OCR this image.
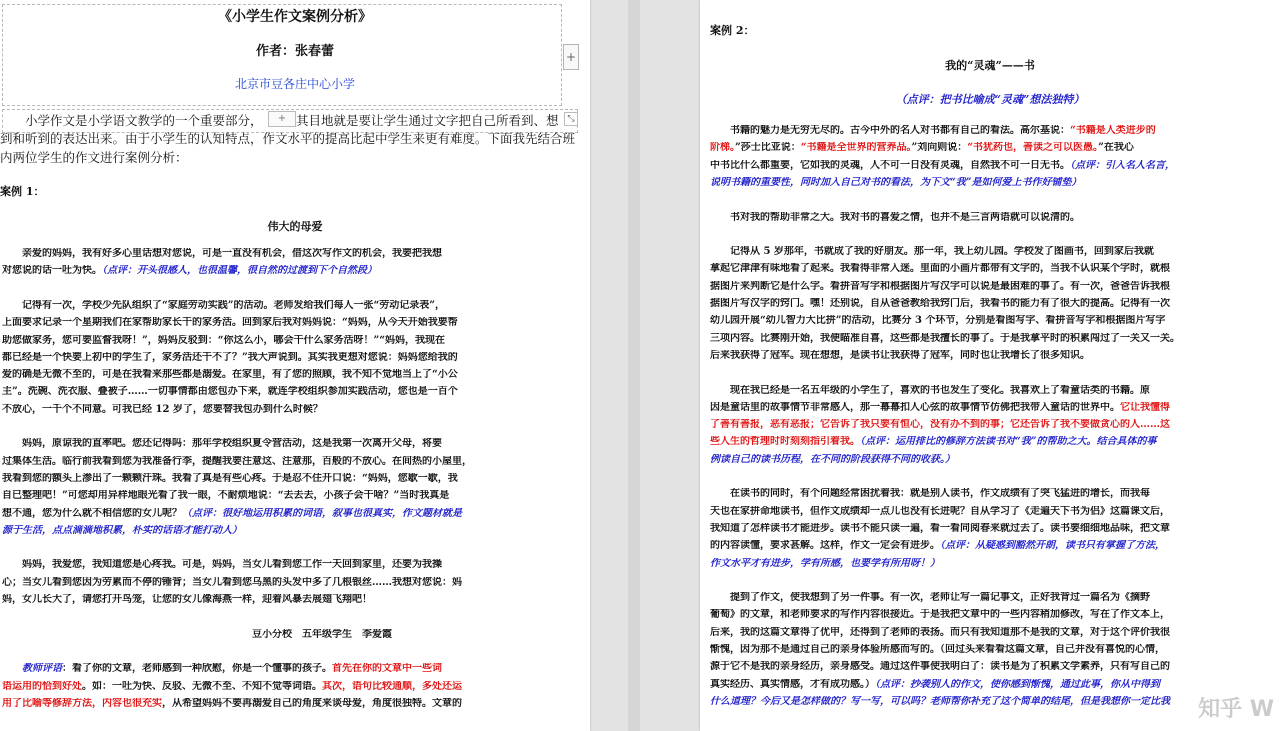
《小学生作文案例分析》
作者：张春蕾
北京市豆各庄中心小学
+	⤡
　　小学作文是小学语文教学的一个重要部分，	其目地就是要让学生通过文字把自己所看到、想
到和听到的表达出来。由于小学生的认知特点，作文水平的提高比起中学生来更有难度。下面我先结合班
内两位学生的作文进行案例分析：
案例 1：
伟大的母爱
　　亲爱的妈妈，我有好多心里话想对您说，可是一直没有机会，借这次写作文的机会，我要把我想
对您说的话一吐为快。（点评：开头很感人，也很温馨，很自然的过渡到下个自然段）
　　记得有一次，学校少先队组织了“家庭劳动实践”的活动。老师发给我们每人一张“劳动记录表”，
上面要求记录一个星期我们在家帮助家长干的家务活。回到家后我对妈妈说：“妈妈，从今天开始我要帮
助您做家务，您可要监督我呀！”，妈妈反驳到：“你这么小，哪会干什么家务活呀！”“妈妈，我现在
都已经是一个快要上初中的学生了，家务活还干不了？”我大声说到。其实我更想对您说：妈妈您给我的
爱的确是无微不至的，可是在我看来那些都是溺爱。在家里，有了您的照顾，我不知不觉地当上了“小公
主”。洗碗、洗衣服、叠被子……一切事情都由您包办下来，就连学校组织参加实践活动，您也是一百个
不放心，一千个不同意。可我已经 12 岁了，您要替我包办到什么时候？
　　妈妈，原谅我的直率吧。您还记得吗：那年学校组织夏令营活动，这是我第一次离开父母，将要
过集体生活。临行前我看到您为我准备行李，提醒我要注意这、注意那，百般的不放心。在间热的小屋里，
我看到您的额头上渗出了一颗颗汗珠。我看了真是有些心疼。于是忍不住开口说：“妈妈，您歇一歇，我
自已整理吧！”可您却用异样地眼光看了我一眼，不耐烦地说：“去去去，小孩子会干啥？”当时我真是
想不通，您为什么就不相信您的女儿呢？（点评：很好地运用积累的词语，叙事也很真实，作文题材就是
源于生活，点点滴滴地积累，朴实的话语才能打动人）
　　妈妈，我爱您，我知道您是心疼我。可是，妈妈，当女儿看到您工作一天回到家里，还要为我操
心；当女儿看到您因为劳累而不停的锤背；当女儿看到您乌黑的头发中多了几根银丝……我想对您说：妈
妈，女儿长大了，请您打开鸟笼，让您的女儿像海燕一样，迎着风暴去展翅飞翔吧！
　　　　　　　　　　　　　　　　　　　　　　　　　豆小分校　五年级学生　李爱霞
　　教师评语：看了你的文章，老师感到一种欣慰，你是一个懂事的孩子。首先在你的文章中一些词
语运用的恰到好处。如：一吐为快、反驳、无微不至、不知不觉等词语。其次，语句比较通顺，多处还运
用了比喻等修辞方法，内容也很充实，从希望妈妈不要再溺爱自己的角度来谈母爱，角度很独特。文章的
+

案例 2：
我的“灵魂”——书
（点评：把书比喻成“灵魂”想法独特）
　　书籍的魅力是无穷无尽的。古今中外的名人对书都有自己的看法。高尔基说：“书籍是人类进步的
阶梯。”莎士比亚说：“书籍是全世界的营养品。”刘向则说：“书犹药也，善读之可以医愚。”在我心
中书比什么都重要，它如我的灵魂，人不可一日没有灵魂，自然我不可一日无书。（点评：引入名人名言，
说明书籍的重要性，同时加入自己对书的看法，为下文“我”是如何爱上书作好铺垫）
　　书对我的帮助非常之大。我对书的喜爱之情，也并不是三言两语就可以说清的。
　　记得从 5 岁那年，书就成了我的好朋友。那一年，我上幼儿园。学校发了图画书，回到家后我就
拿起它津津有味地看了起来。我看得非常入迷。里面的小画片都带有文字的，当我不认识某个字时，就根
据图片来判断它是什么字。看拼音写字和根据图片写汉字可以说是最困难的事了。有一次，爸爸告诉我根
据图片写汉字的窍门。嘿！还别说，自从爸爸教给我窍门后，我看书的能力有了很大的提高。记得有一次
幼儿园开展“幼儿智力大比拼”的活动，比赛分 3 个环节，分别是看图写字、看拼音写字和根据图片写字
三项内容。比赛刚开始，我便瞄准自喜，这些都是我擅长的事了。于是我拿平时的积累闯过了一关又一关。
后来我获得了冠军。现在想想，是读书让我获得了冠军，同时也让我增长了很多知识。
　　现在我已经是一名五年级的小学生了，喜欢的书也发生了变化。我喜欢上了看童话类的书籍。原
因是童话里的故事情节非常感人，那一幕幕扣人心弦的故事情节仿佛把我带入童话的世界中。它让我懂得
了善有善报，恶有恶报；它告诉了我只要有恒心，没有办不到的事；它还告诉了我不要做贪心的人……这
些人生的哲理时时刻刻指引着我。（点评：运用排比的修辞方法读书对“我”的帮助之大。结合具体的事
例读自己的读书历程，在不同的阶段获得不同的收获。）
　　在读书的同时，有个问题经常困扰着我：就是别人读书，作文成绩有了突飞猛进的增长，而我每
天也在家拼命地读书，但作文成绩却一点儿也没有长进呢？自从学习了《走遍天下书为侣》这篇课文后，
我知道了怎样读书才能进步。读书不能只读一遍，看一看同阅春来就过去了。读书要细细地品味，把文章
的内容读懂，要求甚解。这样，作文一定会有进步。（点评：从疑惑到豁然开朗，读书只有掌握了方法，
作文水平才有进步，学有所感，也要学有所用呀！）
　　提到了作文，使我想到了另一件事。有一次，老师让写一篇记事文，正好我背过一篇名为《摘野
葡萄》的文章，和老师要求的写作内容很接近。于是我把文章中的一些内容稍加修改，写在了作文本上，
后来，我的这篇文章得了优甲，还得到了老师的表扬。而只有我知道那不是我的文章，对于这个评价我很
惭愧，因为那不是通过自己的亲身体验所感而写的。（回过头来看看这篇文章，自己并没有喜悦的心情，
源于它不是我的亲身经历，亲身感受。通过这件事使我明白了：读书是为了积累文学素养，只有写自己的
真实经历、真实情感，才有成功感。）（点评：抄袭别人的作文，使你感到惭愧，通过此事，你从中得到
什么道理？今后又是怎样做的？写一写，可以吗？老师帮你补充了这个简单的结尾，但是我想你一定比我	知乎 W
